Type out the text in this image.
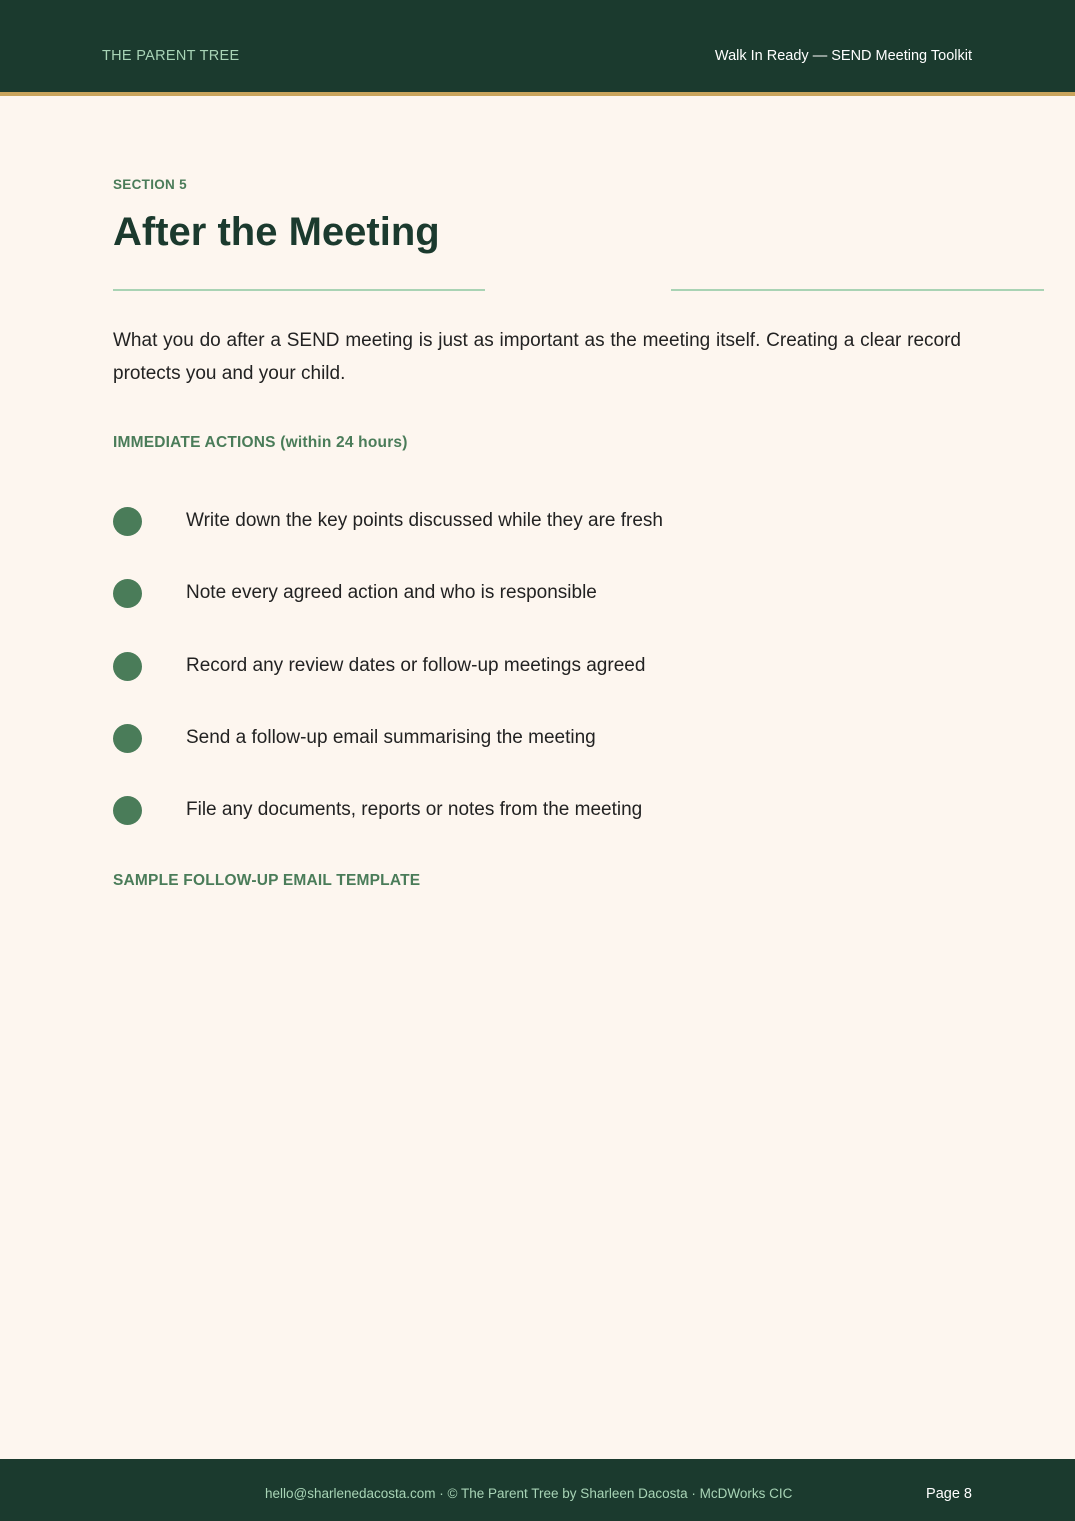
THE PARENT TREE	Walk In Ready — SEND Meeting Toolkit
SECTION 5
After the Meeting

What you do after a SEND meeting is just as important as the meeting itself. Creating a clear record protects you and your child.

IMMEDIATE ACTIONS (within 24 hours)
Write down the key points discussed while they are fresh
Note every agreed action and who is responsible
Record any review dates or follow-up meetings agreed
Send a follow-up email summarising the meeting
File any documents, reports or notes from the meeting
SAMPLE FOLLOW-UP EMAIL TEMPLATE
hello@sharlenedacosta.com · © The Parent Tree by Sharleen Dacosta · McDWorks CIC	Page 8
